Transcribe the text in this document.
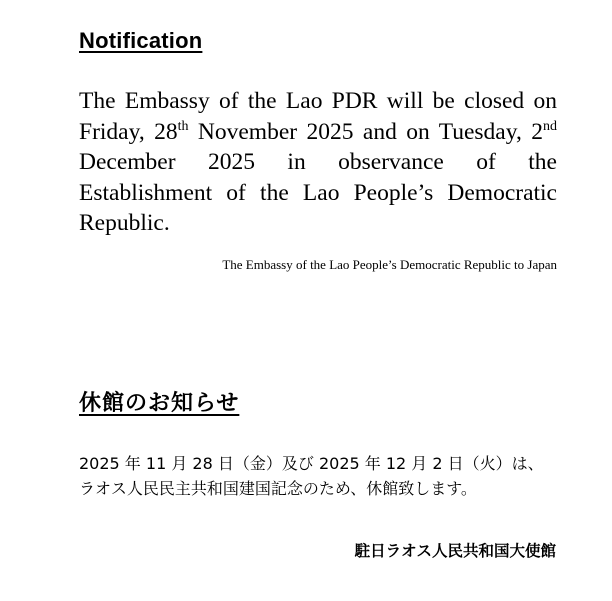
Notification

The Embassy of the Lao PDR will be closed on Friday, 28th November 2025 and on Tuesday, 2nd December 2025 in observance of the Establishment of the Lao People’s Democratic Republic.

The Embassy of the Lao People’s Democratic Republic to Japan
休館のお知らせ

2025 年 11 月 28 日（金）及び 2025 年 12 月 2 日（火）は、
ラオス人民民主共和国建国記念のため、休館致します。

駐日ラオス人民共和国大使館
